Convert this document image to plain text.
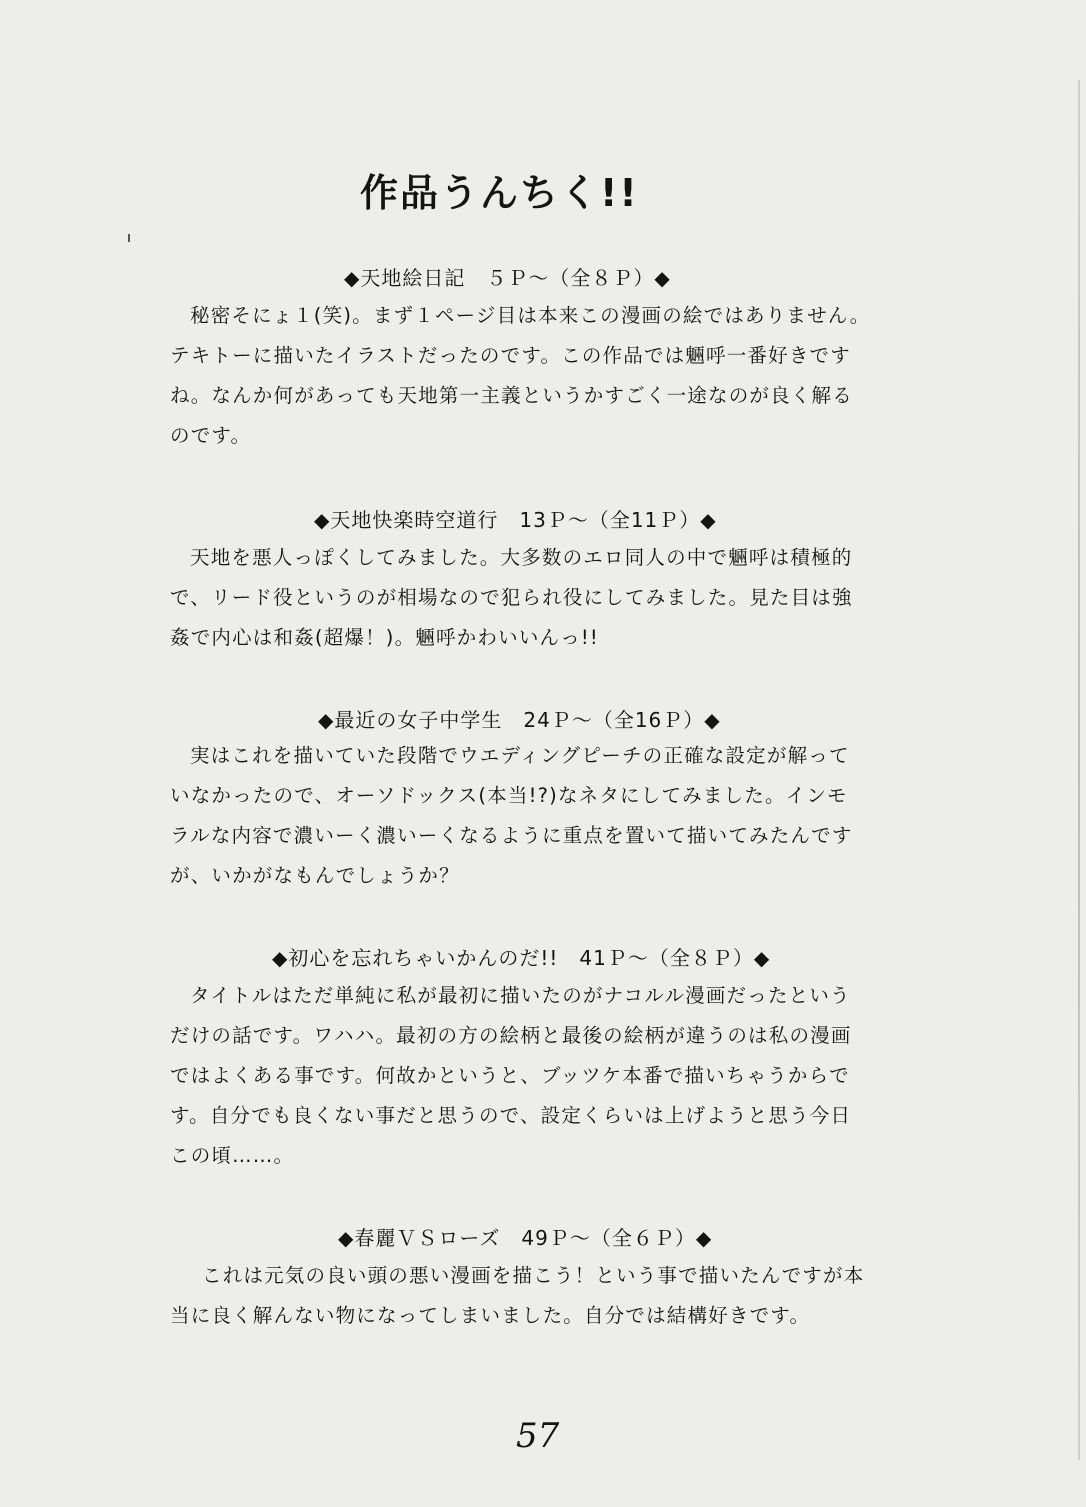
作品うんちく!!
◆天地絵日記　５Ｐ～（全８Ｐ）◆

秘密そにょ１(笑)。まず１ページ目は本来この漫画の絵ではありません。

テキトーに描いたイラストだったのです。この作品では魎呼一番好きです

ね。なんか何があっても天地第一主義というかすごく一途なのが良く解る

のです。

◆天地快楽時空道行　13Ｐ～（全11Ｐ）◆

天地を悪人っぽくしてみました。大多数のエロ同人の中で魎呼は積極的

で、リード役というのが相場なので犯られ役にしてみました。見た目は強

姦で内心は和姦(超爆！)。魎呼かわいいんっ!!

◆最近の女子中学生　24Ｐ～（全16Ｐ）◆

実はこれを描いていた段階でウエディングピーチの正確な設定が解って

いなかったので、オーソドックス(本当!?)なネタにしてみました。インモ

ラルな内容で濃いーく濃いーくなるように重点を置いて描いてみたんです

が、いかがなもんでしょうか？

◆初心を忘れちゃいかんのだ!!　41Ｐ～（全８Ｐ）◆

タイトルはただ単純に私が最初に描いたのがナコルル漫画だったという

だけの話です。ワハハ。最初の方の絵柄と最後の絵柄が違うのは私の漫画

ではよくある事です。何故かというと、ブッツケ本番で描いちゃうからで

す。自分でも良くない事だと思うので、設定くらいは上げようと思う今日

この頃……。

◆春麗ＶＳローズ　49Ｐ～（全６Ｐ）◆

これは元気の良い頭の悪い漫画を描こう！という事で描いたんですが本

当に良く解んない物になってしまいました。自分では結構好きです。

57
